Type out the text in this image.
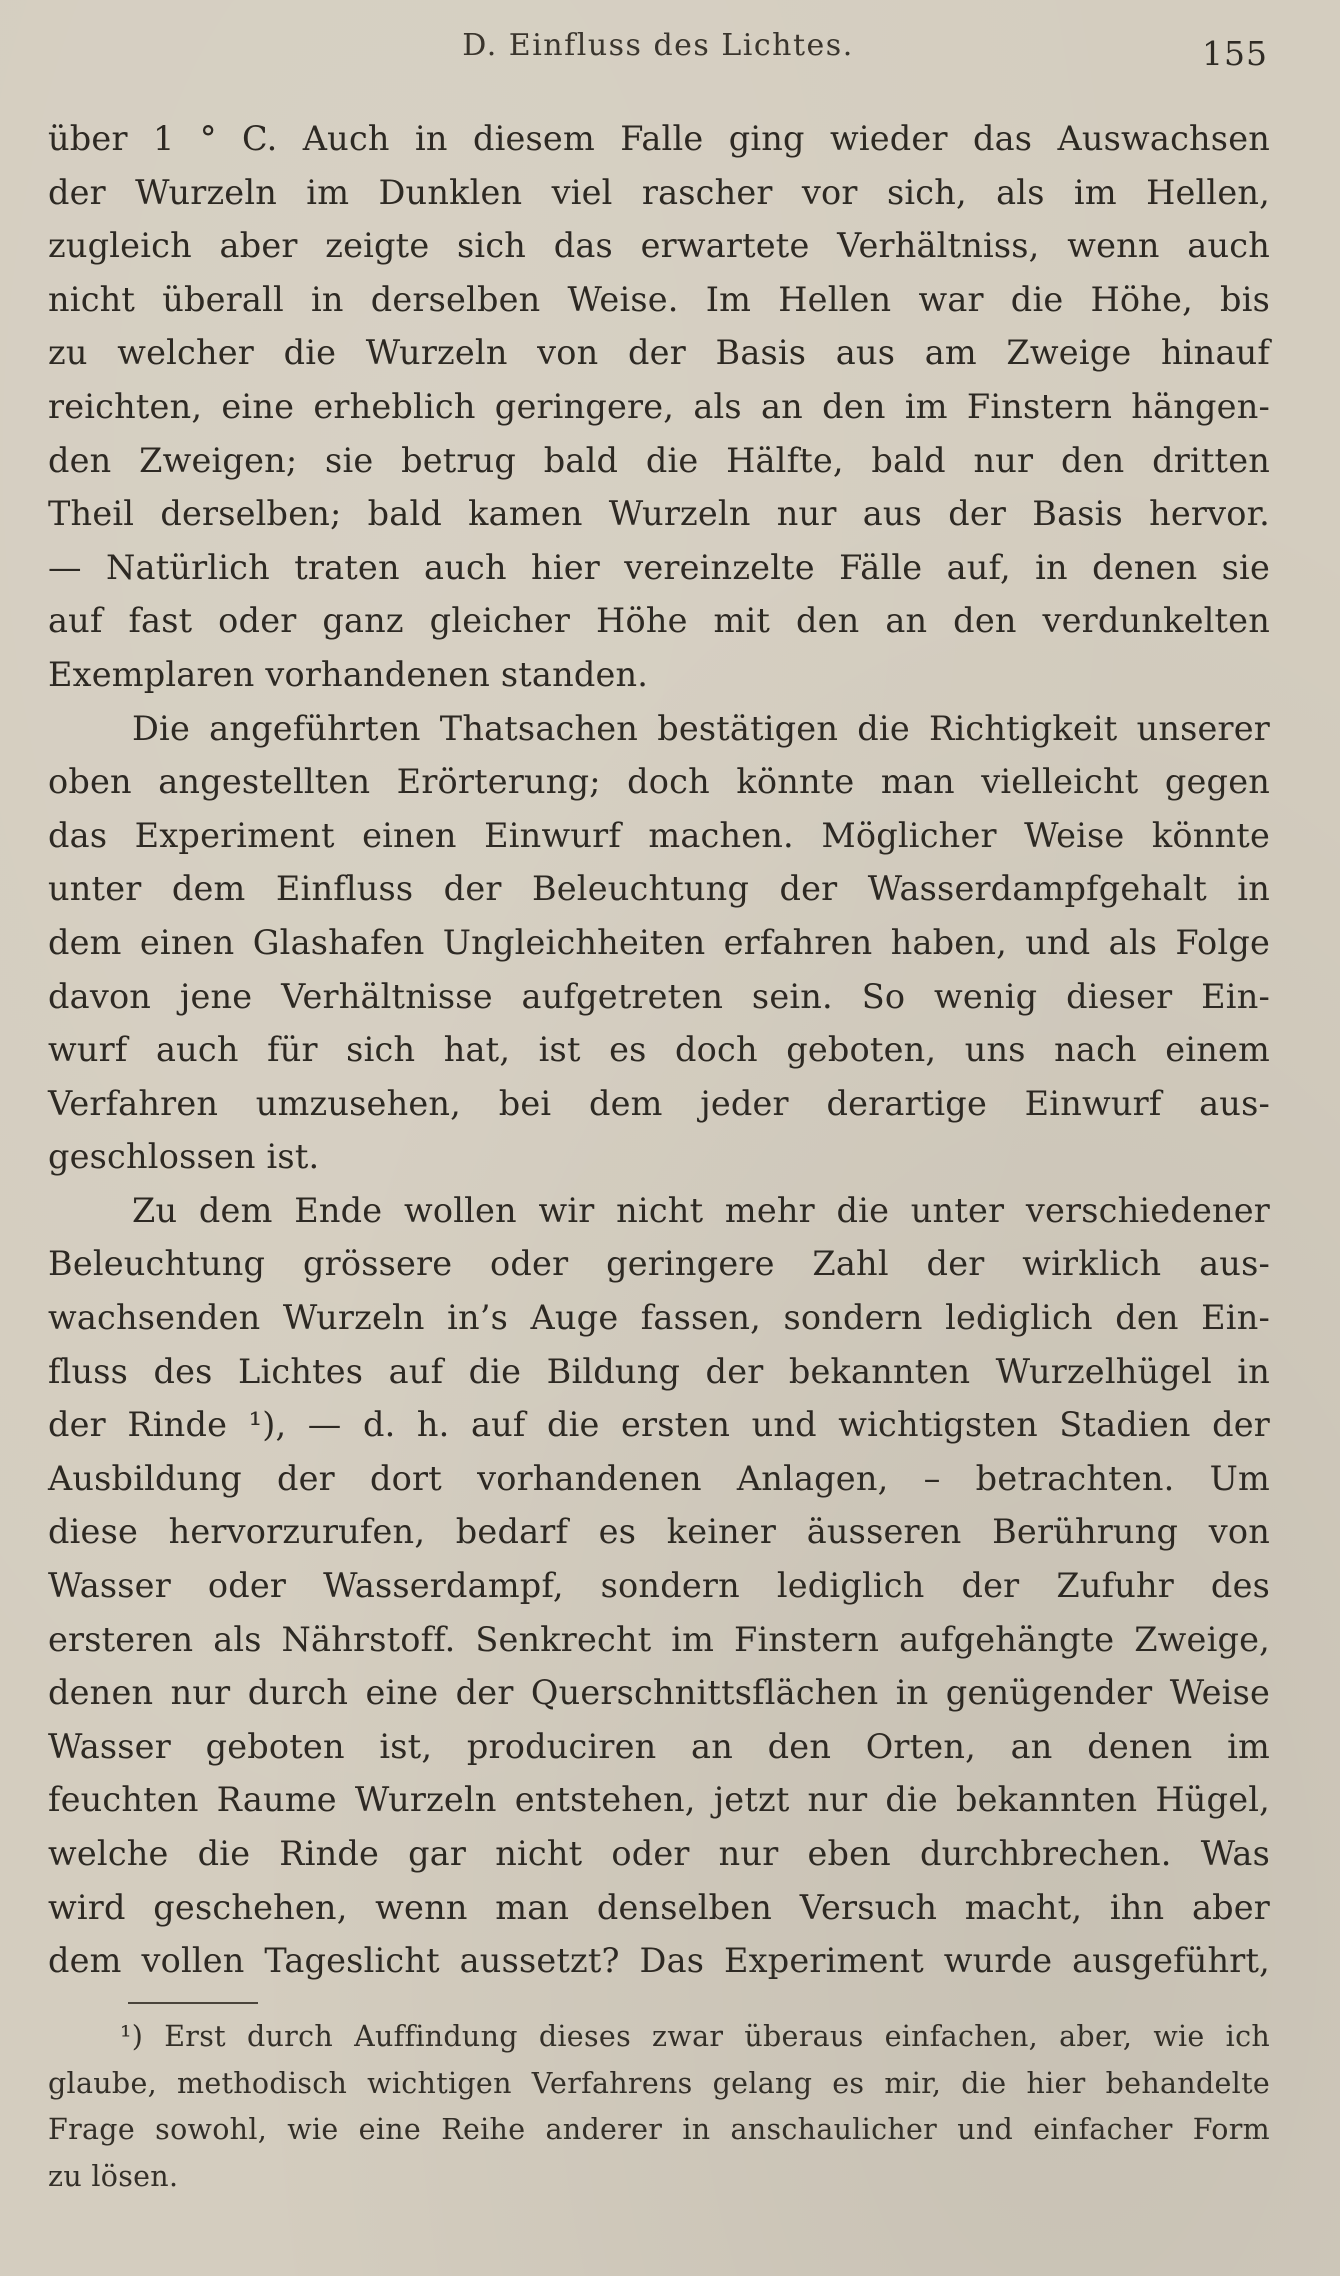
D. Einfluss des Lichtes.	155
über 1 ° C. Auch in diesem Falle ging wieder das Auswachsen
der Wurzeln im Dunklen viel rascher vor sich, als im Hellen,
zugleich aber zeigte sich das erwartete Verhältniss, wenn auch
nicht überall in derselben Weise. Im Hellen war die Höhe, bis
zu welcher die Wurzeln von der Basis aus am Zweige hinauf
reichten, eine erheblich geringere, als an den im Finstern hängen-
den Zweigen; sie betrug bald die Hälfte, bald nur den dritten
Theil derselben; bald kamen Wurzeln nur aus der Basis hervor.
— Natürlich traten auch hier vereinzelte Fälle auf, in denen sie
auf fast oder ganz gleicher Höhe mit den an den verdunkelten
Exemplaren vorhandenen standen.
Die angeführten Thatsachen bestätigen die Richtigkeit unserer
oben angestellten Erörterung; doch könnte man vielleicht gegen
das Experiment einen Einwurf machen. Möglicher Weise könnte
unter dem Einfluss der Beleuchtung der Wasserdampfgehalt in
dem einen Glashafen Ungleichheiten erfahren haben, und als Folge
davon jene Verhältnisse aufgetreten sein. So wenig dieser Ein-
wurf auch für sich hat, ist es doch geboten, uns nach einem
Verfahren umzusehen, bei dem jeder derartige Einwurf aus-
geschlossen ist.
Zu dem Ende wollen wir nicht mehr die unter verschiedener
Beleuchtung grössere oder geringere Zahl der wirklich aus-
wachsenden Wurzeln in’s Auge fassen, sondern lediglich den Ein-
fluss des Lichtes auf die Bildung der bekannten Wurzelhügel in
der Rinde ¹), — d. h. auf die ersten und wichtigsten Stadien der
Ausbildung der dort vorhandenen Anlagen, – betrachten. Um
diese hervorzurufen, bedarf es keiner äusseren Berührung von
Wasser oder Wasserdampf, sondern lediglich der Zufuhr des
ersteren als Nährstoff. Senkrecht im Finstern aufgehängte Zweige,
denen nur durch eine der Querschnittsflächen in genügender Weise
Wasser geboten ist, produciren an den Orten, an denen im
feuchten Raume Wurzeln entstehen, jetzt nur die bekannten Hügel,
welche die Rinde gar nicht oder nur eben durchbrechen. Was
wird geschehen, wenn man denselben Versuch macht, ihn aber
dem vollen Tageslicht aussetzt? Das Experiment wurde ausgeführt,
¹) Erst durch Auffindung dieses zwar überaus einfachen, aber, wie ich
glaube, methodisch wichtigen Verfahrens gelang es mir, die hier behandelte
Frage sowohl, wie eine Reihe anderer in anschaulicher und einfacher Form
zu lösen.
